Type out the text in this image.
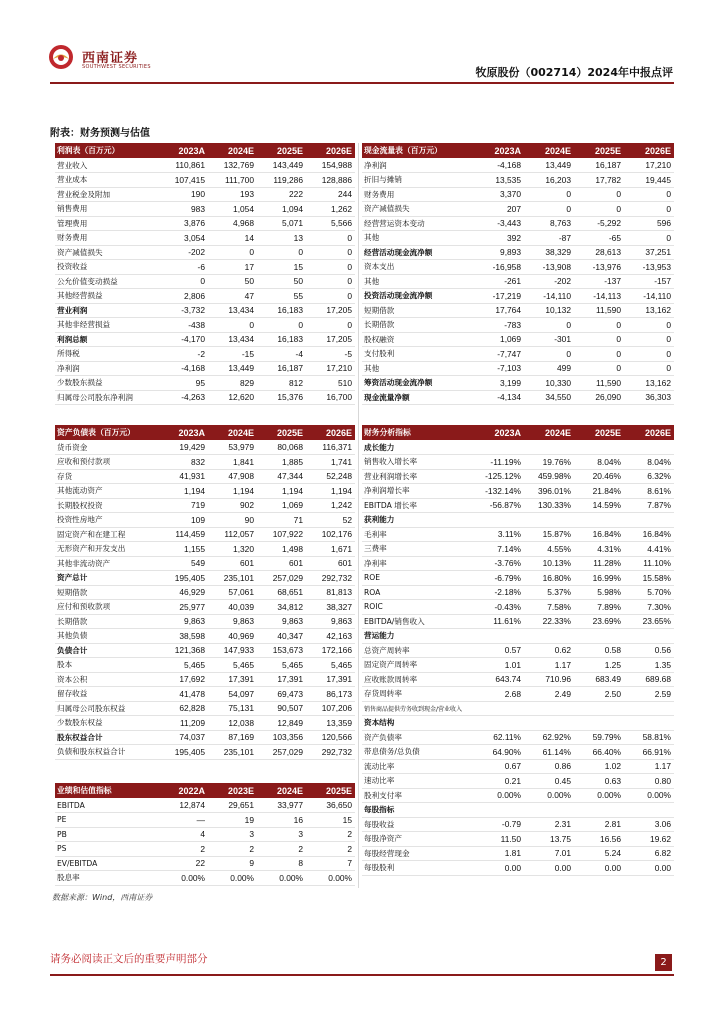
西南证券
SOUTHWEST SECURITIES	牧原股份（002714）2024年中报点评
附表：财务预测与估值
利润表（百万元）	2023A	2024E	2025E	2026E
营业收入	110,861	132,769	143,449	154,988
营业成本	107,415	111,700	119,286	128,886
营业税金及附加	190	193	222	244
销售费用	983	1,054	1,094	1,262
管理费用	3,876	4,968	5,071	5,566
财务费用	3,054	14	13	0
资产减值损失	-202	0	0	0
投资收益	-6	17	15	0
公允价值变动损益	0	50	50	0
其他经营损益	2,806	47	55	0
营业利润	-3,732	13,434	16,183	17,205
其他非经营损益	-438	0	0	0
利润总额	-4,170	13,434	16,183	17,205
所得税	-2	-15	-4	-5
净利润	-4,168	13,449	16,187	17,210
少数股东损益	95	829	812	510
归属母公司股东净利润	-4,263	12,620	15,376	16,700
现金流量表（百万元）	2023A	2024E	2025E	2026E
净利润	-4,168	13,449	16,187	17,210
折旧与摊销	13,535	16,203	17,782	19,445
财务费用	3,370	0	0	0
资产减值损失	207	0	0	0
经营营运资本变动	-3,443	8,763	-5,292	596
其他	392	-87	-65	0
经营活动现金流净额	9,893	38,329	28,613	37,251
资本支出	-16,958	-13,908	-13,976	-13,953
其他	-261	-202	-137	-157
投资活动现金流净额	-17,219	-14,110	-14,113	-14,110
短期借款	17,764	10,132	11,590	13,162
长期借款	-783	0	0	0
股权融资	1,069	-301	0	0
支付股利	-7,747	0	0	0
其他	-7,103	499	0	0
筹资活动现金流净额	3,199	10,330	11,590	13,162
现金流量净额	-4,134	34,550	26,090	36,303
资产负债表（百万元）	2023A	2024E	2025E	2026E
货币资金	19,429	53,979	80,068	116,371
应收和预付款项	832	1,841	1,885	1,741
存货	41,931	47,908	47,344	52,248
其他流动资产	1,194	1,194	1,194	1,194
长期股权投资	719	902	1,069	1,242
投资性房地产	109	90	71	52
固定资产和在建工程	114,459	112,057	107,922	102,176
无形资产和开发支出	1,155	1,320	1,498	1,671
其他非流动资产	549	601	601	601
资产总计	195,405	235,101	257,029	292,732
短期借款	46,929	57,061	68,651	81,813
应付和预收款项	25,977	40,039	34,812	38,327
长期借款	9,863	9,863	9,863	9,863
其他负债	38,598	40,969	40,347	42,163
负债合计	121,368	147,933	153,673	172,166
股本	5,465	5,465	5,465	5,465
资本公积	17,692	17,391	17,391	17,391
留存收益	41,478	54,097	69,473	86,173
归属母公司股东权益	62,828	75,131	90,507	107,206
少数股东权益	11,209	12,038	12,849	13,359
股东权益合计	74,037	87,169	103,356	120,566
负债和股东权益合计	195,405	235,101	257,029	292,732
财务分析指标	2023A	2024E	2025E	2026E
成长能力				
销售收入增长率	-11.19%	19.76%	8.04%	8.04%
营业利润增长率	-125.12%	459.98%	20.46%	6.32%
净利润增长率	-132.14%	396.01%	21.84%	8.61%
EBITDA 增长率	-56.87%	130.33%	14.59%	7.87%
获利能力				
毛利率	3.11%	15.87%	16.84%	16.84%
三费率	7.14%	4.55%	4.31%	4.41%
净利率	-3.76%	10.13%	11.28%	11.10%
ROE	-6.79%	16.80%	16.99%	15.58%
ROA	-2.18%	5.37%	5.98%	5.70%
ROIC	-0.43%	7.58%	7.89%	7.30%
EBITDA/销售收入	11.61%	22.33%	23.69%	23.65%
营运能力				
总资产周转率	0.57	0.62	0.58	0.56
固定资产周转率	1.01	1.17	1.25	1.35
应收账款周转率	643.74	710.96	683.49	689.68
存货周转率	2.68	2.49	2.50	2.59
销售商品提供劳务收到现金/营业收入				
资本结构				
资产负债率	62.11%	62.92%	59.79%	58.81%
带息债务/总负债	64.90%	61.14%	66.40%	66.91%
流动比率	0.67	0.86	1.02	1.17
速动比率	0.21	0.45	0.63	0.80
股利支付率	0.00%	0.00%	0.00%	0.00%
每股指标				
每股收益	-0.79	2.31	2.81	3.06
每股净资产	11.50	13.75	16.56	19.62
每股经营现金	1.81	7.01	5.24	6.82
每股股利	0.00	0.00	0.00	0.00
业绩和估值指标	2022A	2023E	2024E	2025E
EBITDA	12,874	29,651	33,977	36,650
PE	—	19	16	15
PB	4	3	3	2
PS	2	2	2	2
EV/EBITDA	22	9	8	7
股息率	0.00%	0.00%	0.00%	0.00%
数据来源：Wind，西南证券
请务必阅读正文后的重要声明部分	2
